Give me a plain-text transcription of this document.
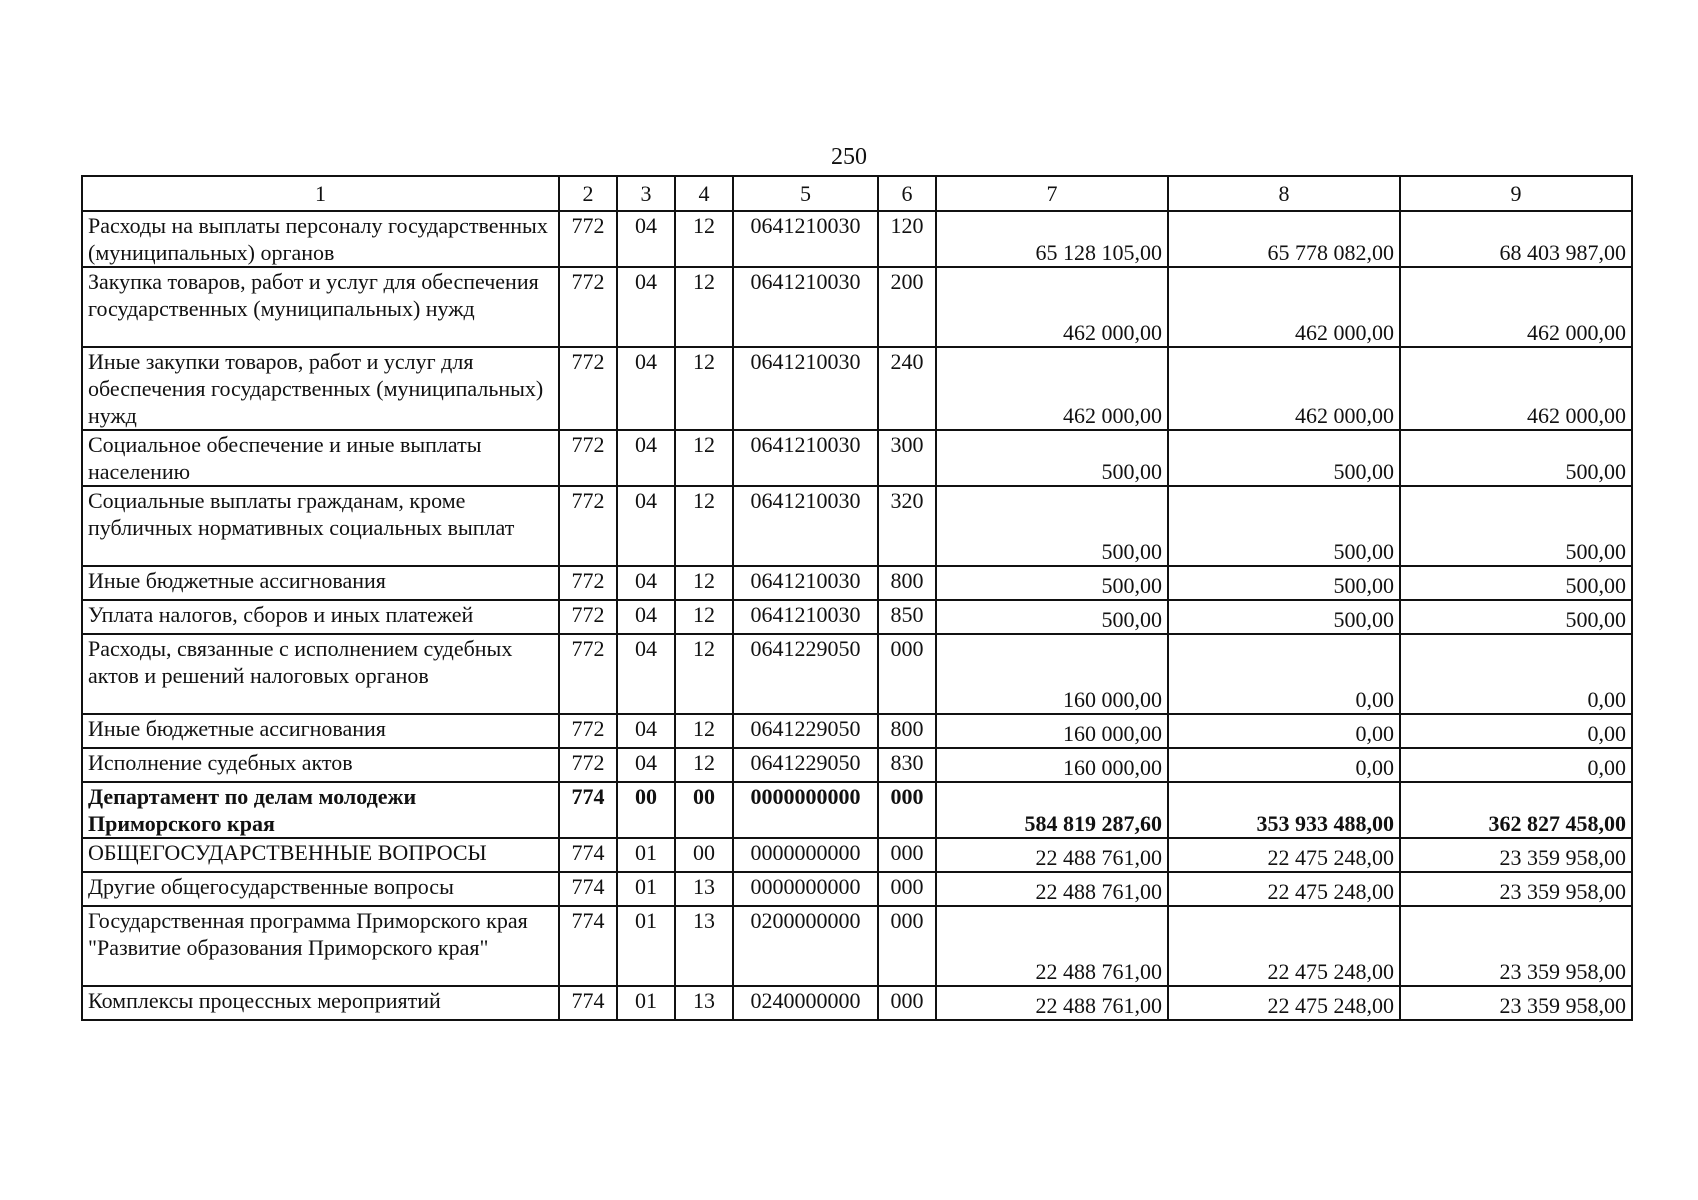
250
1	2	3	4	5	6	7	8	9
Расходы на выплаты персоналу государственных (муниципальных) органов	772	04	12	0641210030	120	65 128 105,00	65 778 082,00	68 403 987,00
Закупка товаров, работ и услуг для обеспечения государственных (муниципальных) нужд	772	04	12	0641210030	200	462 000,00	462 000,00	462 000,00
Иные закупки товаров, работ и услуг для обеспечения государственных (муниципальных) нужд	772	04	12	0641210030	240	462 000,00	462 000,00	462 000,00
Социальное обеспечение и иные выплаты населению	772	04	12	0641210030	300	500,00	500,00	500,00
Социальные выплаты гражданам, кроме публичных нормативных социальных выплат	772	04	12	0641210030	320	500,00	500,00	500,00
Иные бюджетные ассигнования	772	04	12	0641210030	800	500,00	500,00	500,00
Уплата налогов, сборов и иных платежей	772	04	12	0641210030	850	500,00	500,00	500,00
Расходы, связанные с исполнением судебных актов и решений налоговых органов	772	04	12	0641229050	000	160 000,00	0,00	0,00
Иные бюджетные ассигнования	772	04	12	0641229050	800	160 000,00	0,00	0,00
Исполнение судебных актов	772	04	12	0641229050	830	160 000,00	0,00	0,00
Департамент по делам молодежи Приморского края	774	00	00	0000000000	000	584 819 287,60	353 933 488,00	362 827 458,00
ОБЩЕГОСУДАРСТВЕННЫЕ ВОПРОСЫ	774	01	00	0000000000	000	22 488 761,00	22 475 248,00	23 359 958,00
Другие общегосударственные вопросы	774	01	13	0000000000	000	22 488 761,00	22 475 248,00	23 359 958,00
Государственная программа Приморского края "Развитие образования Приморского края"	774	01	13	0200000000	000	22 488 761,00	22 475 248,00	23 359 958,00
Комплексы процессных мероприятий	774	01	13	0240000000	000	22 488 761,00	22 475 248,00	23 359 958,00
